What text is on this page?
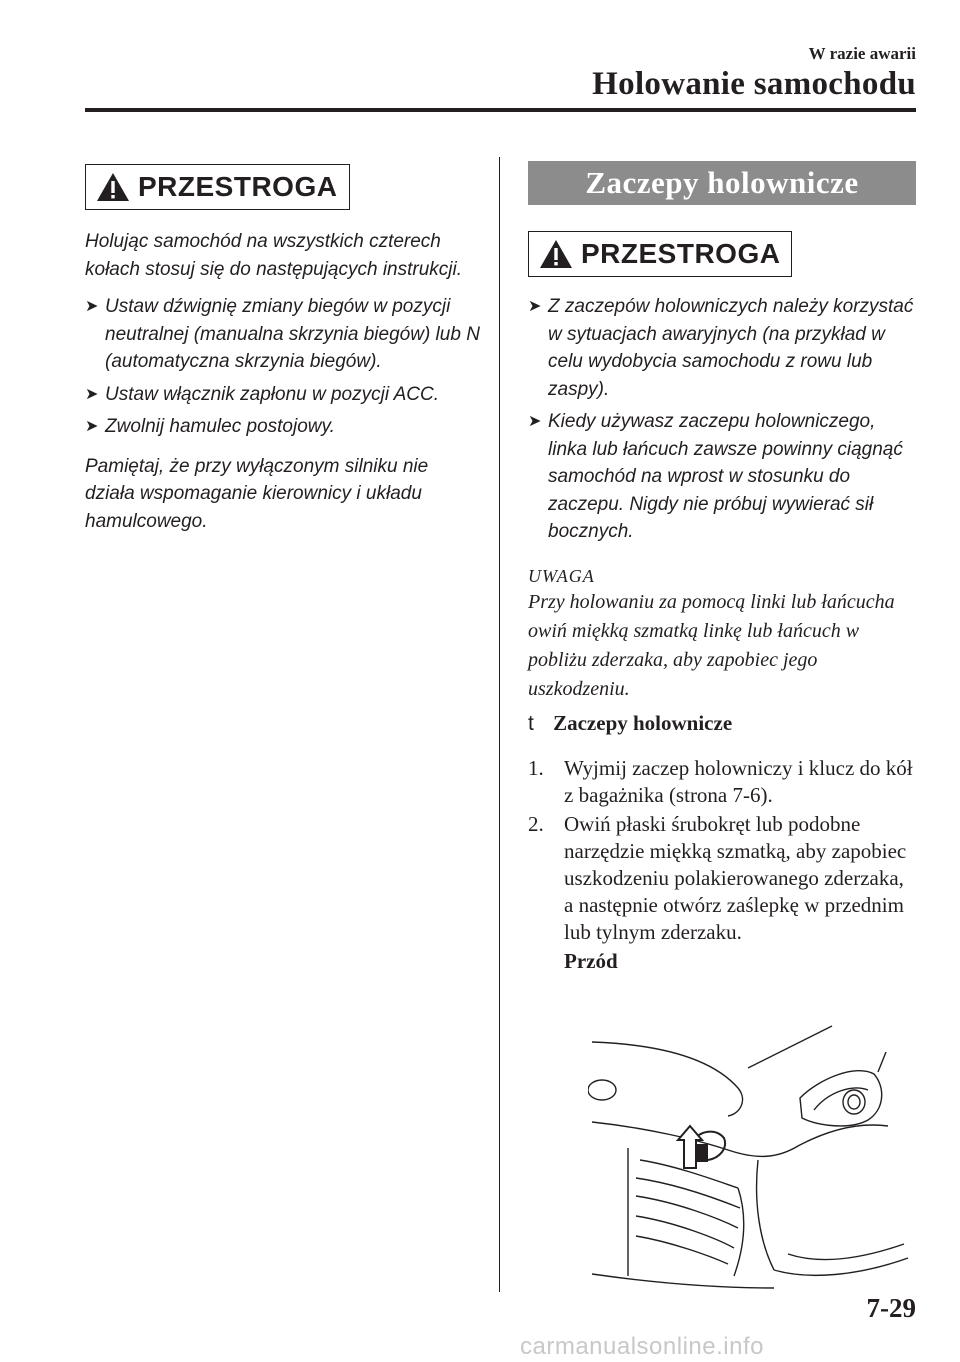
W razie awarii
Holowanie samochodu
PRZESTROGA

Holując samochód na wszystkich czterech kołach stosuj się do następujących instrukcji.

➤ Ustaw dźwignię zmiany biegów w pozycji neutralnej (manualna skrzynia biegów) lub N (automatyczna skrzynia biegów).
➤ Ustaw włącznik zapłonu w pozycji ACC.
➤ Zwolnij hamulec postojowy.

Pamiętaj, że przy wyłączonym silniku nie działa wspomaganie kierownicy i układu hamulcowego.

Zaczepy holownicze
PRZESTROGA
➤ Z zaczepów holowniczych należy korzystać w sytuacjach awaryjnych (na przykład w celu wydobycia samochodu z rowu lub zaspy).
➤ Kiedy używasz zaczepu holowniczego, linka lub łańcuch zawsze powinny ciągnąć samochód na wprost w stosunku do zaczepu. Nigdy nie próbuj wywierać sił bocznych.
UWAGA
Przy holowaniu za pomocą linki lub łańcucha owiń miękką szmatką linkę lub łańcuch w pobliżu zderzaka, aby zapobiec jego uszkodzeniu.
t Zaczepy holownicze
1. Wyjmij zaczep holowniczy i klucz do kół z bagażnika (strona 7-6).
2. Owiń płaski śrubokręt lub podobne narzędzie miękką szmatką, aby zapobiec uszkodzeniu polakierowanego zderzaka, a następnie otwórz zaślepkę w przednim lub tylnym zderzaku.
Przód
7-29
carmanualsonline.info
